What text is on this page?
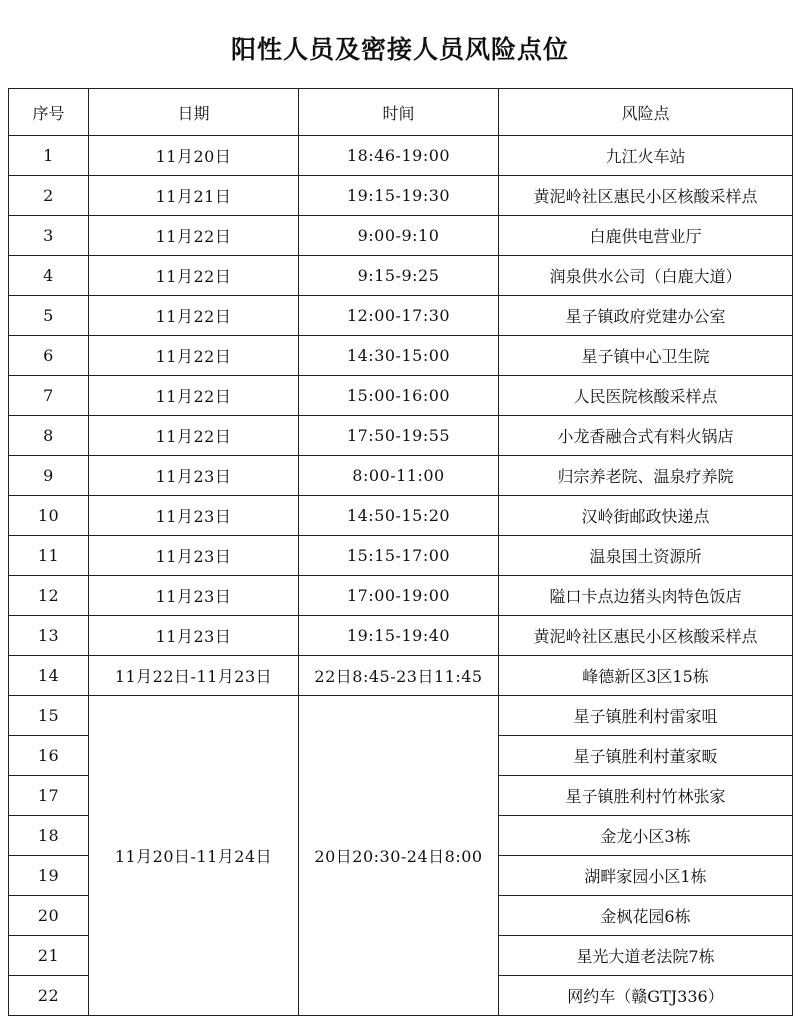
阳性人员及密接人员风险点位
序号	日期	时间	风险点
1	11月20日	18:46-19:00	九江火车站
2	11月21日	19:15-19:30	黄泥岭社区惠民小区核酸采样点
3	11月22日	9:00-9:10	白鹿供电营业厅
4	11月22日	9:15-9:25	润泉供水公司（白鹿大道）
5	11月22日	12:00-17:30	星子镇政府党建办公室
6	11月22日	14:30-15:00	星子镇中心卫生院
7	11月22日	15:00-16:00	人民医院核酸采样点
8	11月22日	17:50-19:55	小龙香融合式有料火锅店
9	11月23日	8:00-11:00	归宗养老院、温泉疗养院
10	11月23日	14:50-15:20	汉岭街邮政快递点
11	11月23日	15:15-17:00	温泉国土资源所
12	11月23日	17:00-19:00	隘口卡点边猪头肉特色饭店
13	11月23日	19:15-19:40	黄泥岭社区惠民小区核酸采样点
14	11月22日-11月23日	22日8:45-23日11:45	峰德新区3区15栋
15	11月20日-11月24日	20日20:30-24日8:00	星子镇胜利村雷家咀
16			星子镇胜利村董家畈
17			星子镇胜利村竹林张家
18			金龙小区3栋
19			湖畔家园小区1栋
20			金枫花园6栋
21			星光大道老法院7栋
22			网约车（赣GTJ336）
